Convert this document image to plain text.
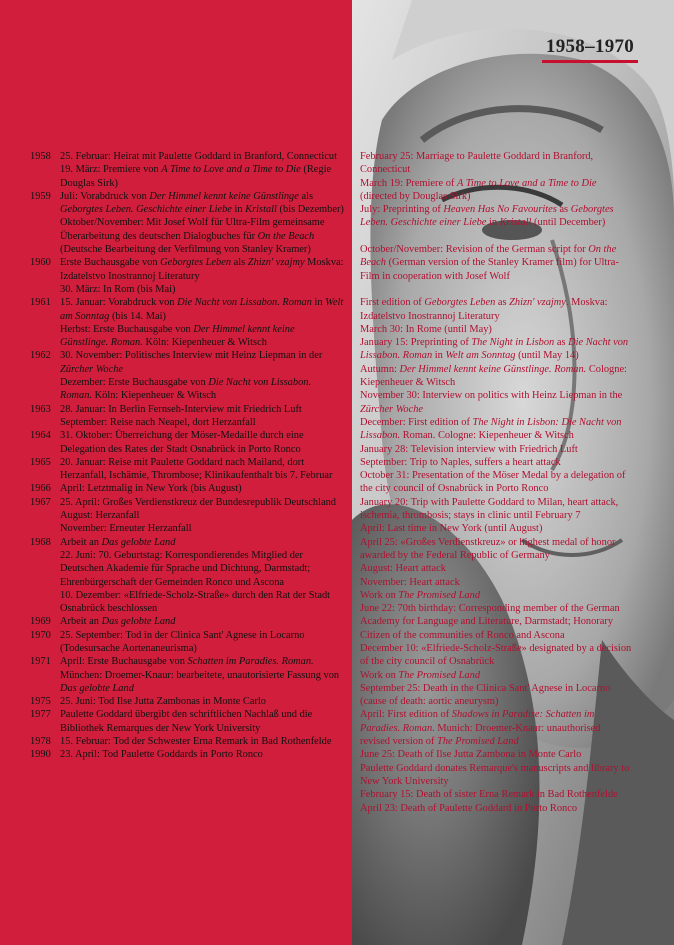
1958–1970
1958 25. Februar: Heirat mit Paulette Goddard in Branford, Connecticut
19. März: Premiere von A Time to Love and a Time to Die (Regie Douglas Sirk)
1959 Juli: Vorabdruck von Der Himmel kennt keine Günstlinge als Geborgtes Leben. Geschichte einer Liebe in Kristall (bis Dezember)
Oktober/November: Mit Josef Wolf für Ultra-Film gemeinsame Überarbeitung des deutschen Dialogbuches für On the Beach (Deutsche Bearbeitung der Verfilmung von Stanley Kramer)
1960 Erste Buchausgabe von Geborgtes Leben als Zhizn' vzajmy Moskva: Izdatelstvo Inostrannoj Literatury
30. März: In Rom (bis Mai)
1961 15. Januar: Vorabdruck von Die Nacht von Lissabon. Roman in Welt am Sonntag (bis 14. Mai)
Herbst: Erste Buchausgabe von Der Himmel kennt keine Günstlinge. Roman. Köln: Kiepenheuer & Witsch
1962 30. November: Politisches Interview mit Heinz Liepman in der Zürcher Woche
Dezember: Erste Buchausgabe von Die Nacht von Lissabon. Roman. Köln: Kiepenheuer & Witsch
1963 28. Januar: In Berlin Fernseh-Interview mit Friedrich Luft
September: Reise nach Neapel, dort Herzanfall
1964 31. Oktober: Überreichung der Möser-Medaille durch eine Delegation des Rates der Stadt Osnabrück in Porto Ronco
1965 20. Januar: Reise mit Paulette Goddard nach Mailand, dort Herzanfall, Ischämie, Thrombose; Klinikaufenthalt bis 7. Februar
1966 April: Letztmalig in New York (bis August)
1967 25. April: Großes Verdienstkreuz der Bundesrepublik Deutschland
August: Herzanfall
November: Erneuter Herzanfall
1968 Arbeit an Das gelobte Land
22. Juni: 70. Geburtstag: Korrespondierendes Mitglied der Deutschen Akademie für Sprache und Dichtung, Darmstadt; Ehrenbürgerschaft der Gemeinden Ronco und Ascona
10. Dezember: «Elfriede-Scholz-Straße» durch den Rat der Stadt Osnabrück beschlossen
1969 Arbeit an Das gelobte Land
1970 25. September: Tod in der Clinica Sant' Agnese in Locarno (Todesursache Aortenaneurisma)
1971 April: Erste Buchausgabe von Schatten im Paradies. Roman. München: Droemer-Knaur: bearbeitete, unautorisierte Fassung von Das gelobte Land
1975 25. Juni: Tod Ilse Jutta Zambonas in Monte Carlo
1977 Paulette Goddard übergibt den schriftlichen Nachlaß und die Bibliothek Remarques der New York University
1978 15. Februar: Tod der Schwester Erna Remark in Bad Rothenfelde
1990 23. April: Tod Paulette Goddards in Porto Ronco
February 25: Marriage to Paulette Goddard in Branford, Connecticut
March 19: Premiere of A Time to Love and a Time to Die (directed by Douglas Sirk)
July: Preprinting of Heaven Has No Favourites as Geborgtes Leben. Geschichte einer Liebe in Kristall (until December)

October/November: Revision of the German script for On the Beach (German version of the Stanley Kramer film) for Ultra-Film in cooperation with Josef Wolf

First edition of Geborgtes Leben as Zhizn' vzajmy. Moskva: Izdatelstvo Inostrannoj Literatury
March 30: In Rome (until May)
January 15: Preprinting of The Night in Lisbon as Die Nacht von Lissabon. Roman in Welt am Sonntag (until May 14)
Autumn: Der Himmel kennt keine Günstlinge. Roman. Cologne: Kiepenheuer & Witsch
November 30: Interview on politics with Heinz Liepman in the Zürcher Woche
December: First edition of The Night in Lisbon: Die Nacht von Lissabon. Roman. Cologne: Kiepenheuer & Witsch
January 28: Television interview with Friedrich Luft
September: Trip to Naples, suffers a heart attack
October 31: Presentation of the Möser Medal by a delegation of the city council of Osnabrück in Porto Ronco
January 20: Trip with Paulette Goddard to Milan, heart attack, ischemia, thrombosis; stays in clinic until February 7
April: Last time in New York (until August)
April 25: «Großes Verdienstkreuz» or highest medal of honor awarded by the Federal Republic of Germany
August: Heart attack
November: Heart attack
Work on The Promised Land
June 22: 70th birthday: Corresponding member of the German Academy for Language and Literature, Darmstadt; Honorary Citizen of the communities of Ronco and Ascona
December 10: «Elfriede-Scholz-Straße» designated by a decision of the city council of Osnabrück
Work on The Promised Land
September 25: Death in the Clinica Sant' Agnese in Locarno (cause of death: aortic aneurysm)
April: First edition of Shadows in Paradise: Schatten im Paradies. Roman. Munich: Droemer-Knaur: unauthorised revised version of The Promised Land
June 25: Death of Ilse Jutta Zambona in Monte Carlo
Paulette Goddard donates Remarque's manuscripts and library to New York University
February 15: Death of sister Erna Remark in Bad Rothenfelde
April 23: Death of Paulette Goddard in Porto Ronco
